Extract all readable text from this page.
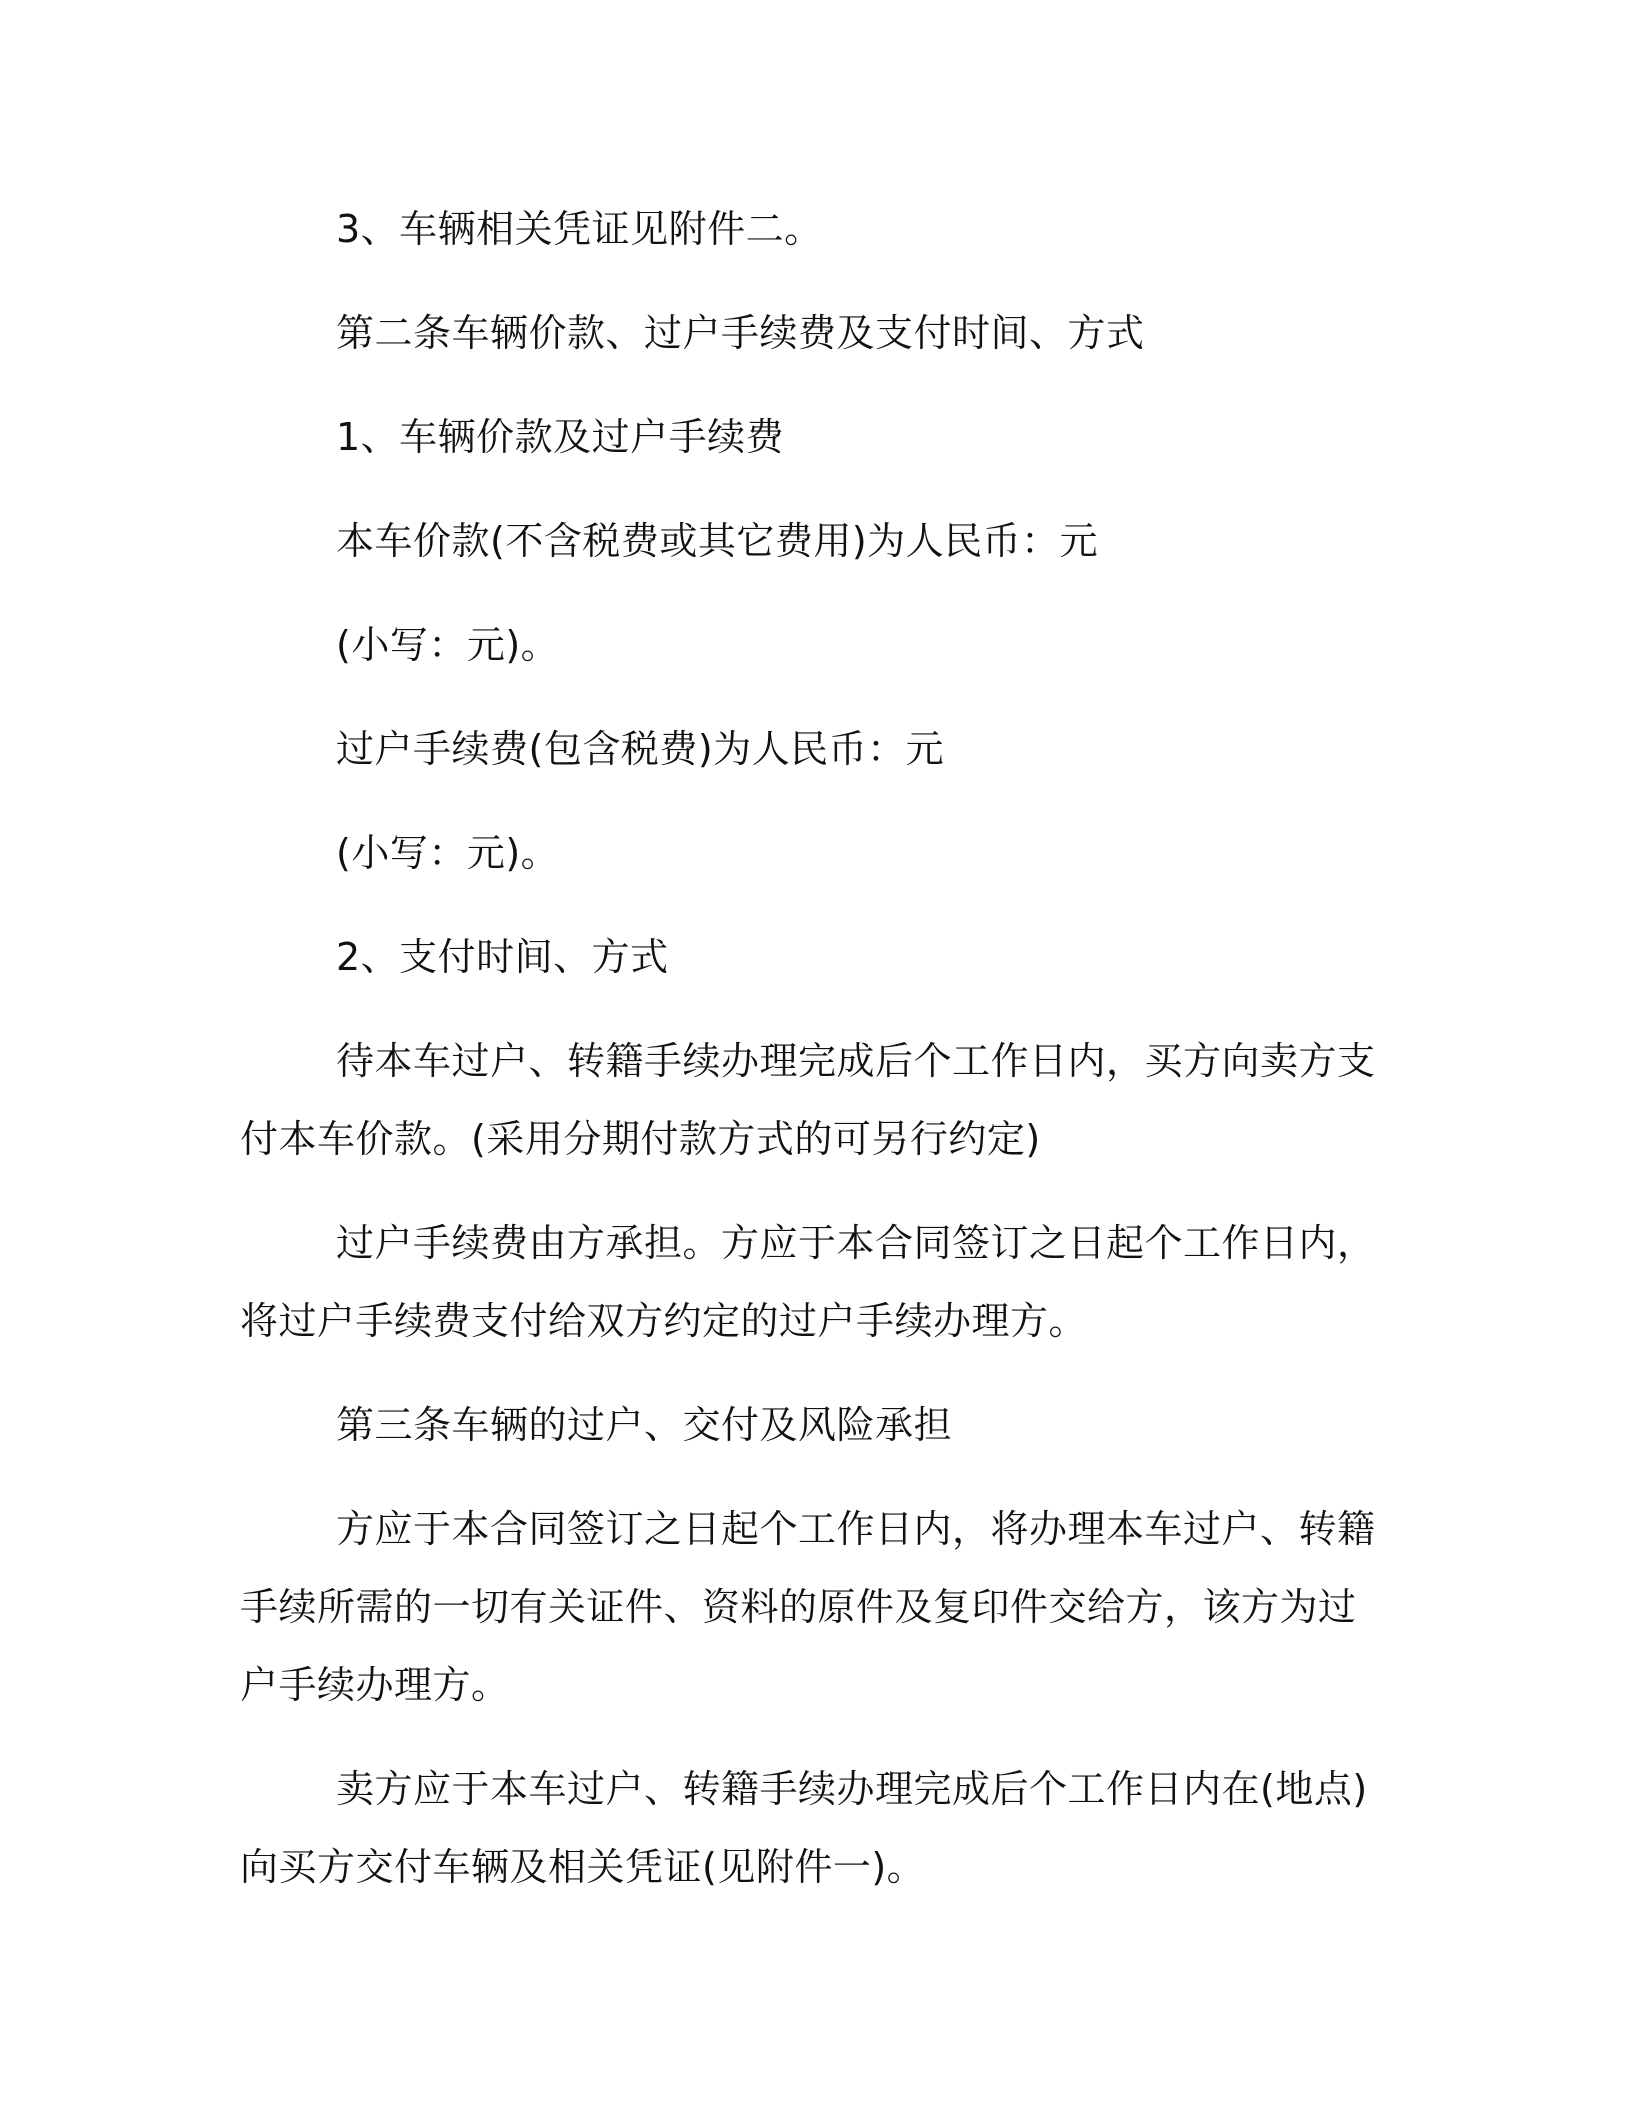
3、车辆相关凭证见附件二。

第二条车辆价款、过户手续费及支付时间、方式

1、车辆价款及过户手续费

本车价款(不含税费或其它费用)为人民币：元

(小写：元)。

过户手续费(包含税费)为人民币：元

(小写：元)。

2、支付时间、方式

待本车过户、转籍手续办理完成后个工作日内，买方向卖方支付本车价款。(采用分期付款方式的可另行约定)

过户手续费由方承担。方应于本合同签订之日起个工作日内，将过户手续费支付给双方约定的过户手续办理方。

第三条车辆的过户、交付及风险承担

方应于本合同签订之日起个工作日内，将办理本车过户、转籍手续所需的一切有关证件、资料的原件及复印件交给方，该方为过户手续办理方。

卖方应于本车过户、转籍手续办理完成后个工作日内在(地点)向买方交付车辆及相关凭证(见附件一)。
